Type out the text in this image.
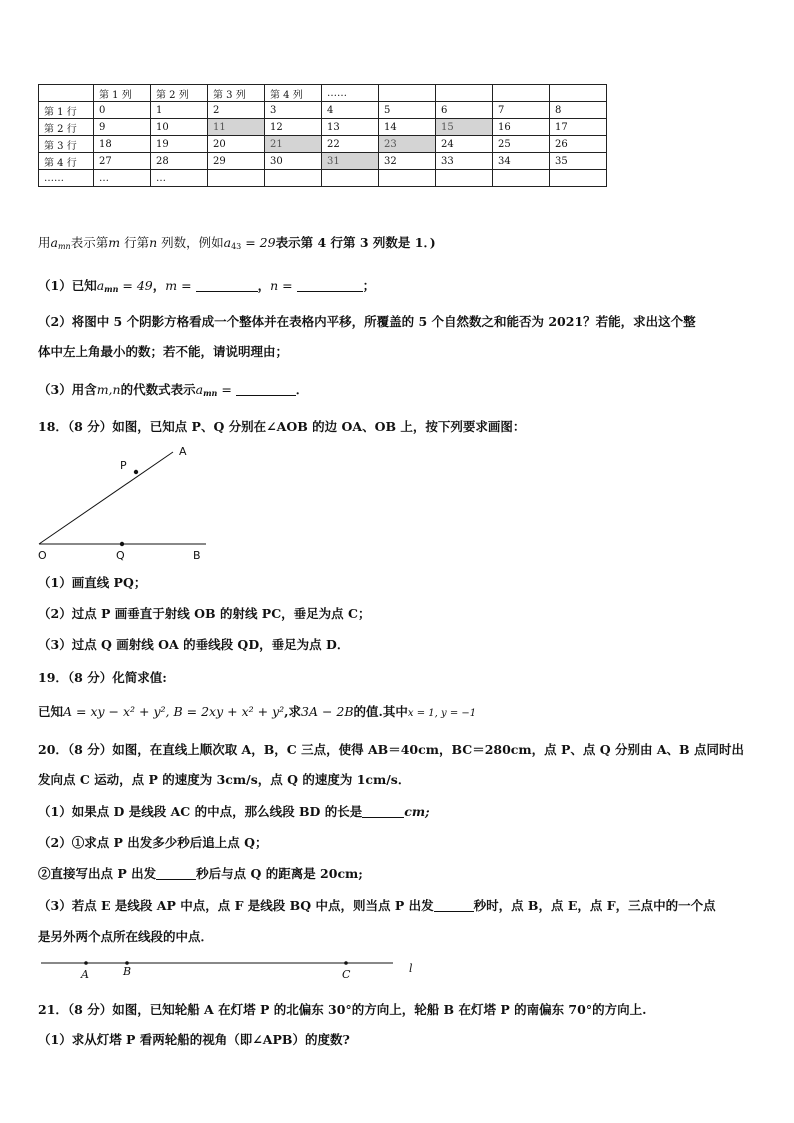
	第 1 列	第 2 列	第 3 列	第 4 列	……				
第 1 行	0	1	2	3	4	5	6	7	8
第 2 行	9	10	11	12	13	14	15	16	17
第 3 行	18	19	20	21	22	23	24	25	26
第 4 行	27	28	29	30	31	32	33	34	35
……	…	…							
用$a_{mn}$表示第m 行第n 列数，例如$a_{43} = 29$表示第 4 行第 3 列数是 1．)
（1）已知$a_{mn} = 49$，m =	，n =	；
（2）将图中 5 个阴影方格看成一个整体并在表格内平移，所覆盖的 5 个自然数之和能否为 2021？若能，求出这个整
体中左上角最小的数；若不能，请说明理由；
（3）用含m,n的代数式表示$a_{mn}$ =	．
18．（8 分）如图，已知点 P、Q 分别在∠AOB 的边 OA、OB 上，按下列要求画图：
P
A
O	Q	B
（1）画直线 PQ；
（2）过点 P 画垂直于射线 OB 的射线 PC，垂足为点 C；
（3）过点 Q 画射线 OA 的垂线段 QD，垂足为点 D．
19．（8 分）化简求值:
已知A = xy − x² + y², B = 2xy + x² + y²,求3A − 2B的值.其中x = 1, y = −1
20．（8 分）如图，在直线上顺次取 A，B，C 三点，使得 AB＝40cm，BC＝280cm，点 P、点 Q 分别由 A、B 点同时出
发向点 C 运动，点 P 的速度为 3cm/s，点 Q 的速度为 1cm/s．
（1）如果点 D 是线段 AC 的中点，那么线段 BD 的长是	cm;
（2）①求点 P 出发多少秒后追上点 Q；
②直接写出点 P 出发	秒后与点 Q 的距离是 20cm;
（3）若点 E 是线段 AP 中点，点 F 是线段 BQ 中点，则当点 P 出发	秒时，点 B，点 E，点 F，三点中的一个点
是另外两个点所在线段的中点．
A	B	C	l
21．（8 分）如图，已知轮船 A 在灯塔 P 的北偏东 30°的方向上，轮船 B 在灯塔 P 的南偏东 70°的方向上.
（1）求从灯塔 P 看两轮船的视角（即∠APB）的度数?
